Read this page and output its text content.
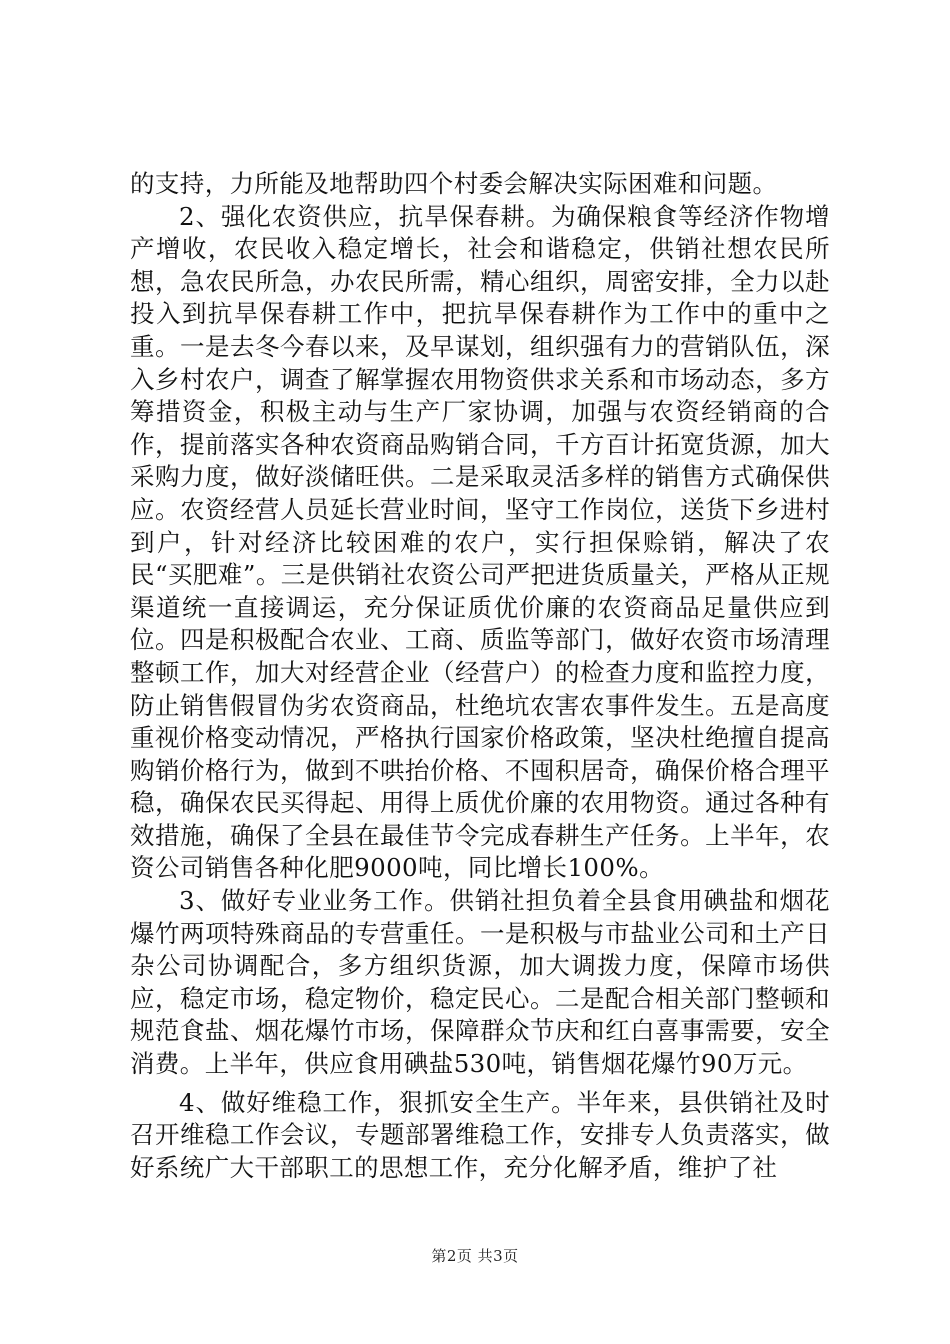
的支持，力所能及地帮助四个村委会解决实际困难和问题。

2、强化农资供应，抗旱保春耕。为确保粮食等经济作物增产增收，农民收入稳定增长，社会和谐稳定，供销社想农民所想，急农民所急，办农民所需，精心组织，周密安排，全力以赴投入到抗旱保春耕工作中，把抗旱保春耕作为工作中的重中之重。一是去冬今春以来，及早谋划，组织强有力的营销队伍，深入乡村农户，调查了解掌握农用物资供求关系和市场动态，多方筹措资金，积极主动与生产厂家协调，加强与农资经销商的合作，提前落实各种农资商品购销合同，千方百计拓宽货源，加大采购力度，做好淡储旺供。二是采取灵活多样的销售方式确保供应。农资经营人员延长营业时间，坚守工作岗位，送货下乡进村到户，针对经济比较困难的农户，实行担保赊销，解决了农民“买肥难”。三是供销社农资公司严把进货质量关，严格从正规渠道统一直接调运，充分保证质优价廉的农资商品足量供应到位。四是积极配合农业、工商、质监等部门，做好农资市场清理整顿工作，加大对经营企业（经营户）的检查力度和监控力度，防止销售假冒伪劣农资商品，杜绝坑农害农事件发生。五是高度重视价格变动情况，严格执行国家价格政策，坚决杜绝擅自提高购销价格行为，做到不哄抬价格、不囤积居奇，确保价格合理平稳，确保农民买得起、用得上质优价廉的农用物资。通过各种有效措施，确保了全县在最佳节令完成春耕生产任务。上半年，农资公司销售各种化肥9000吨，同比增长100%。

3、做好专业业务工作。供销社担负着全县食用碘盐和烟花爆竹两项特殊商品的专营重任。一是积极与市盐业公司和土产日杂公司协调配合，多方组织货源，加大调拨力度，保障市场供应，稳定市场，稳定物价，稳定民心。二是配合相关部门整顿和规范食盐、烟花爆竹市场，保障群众节庆和红白喜事需要，安全消费。上半年，供应食用碘盐530吨，销售烟花爆竹90万元。

4、做好维稳工作，狠抓安全生产。半年来，县供销社及时召开维稳工作会议，专题部署维稳工作，安排专人负责落实，做好系统广大干部职工的思想工作，充分化解矛盾，维护了社

第2页 共3页
